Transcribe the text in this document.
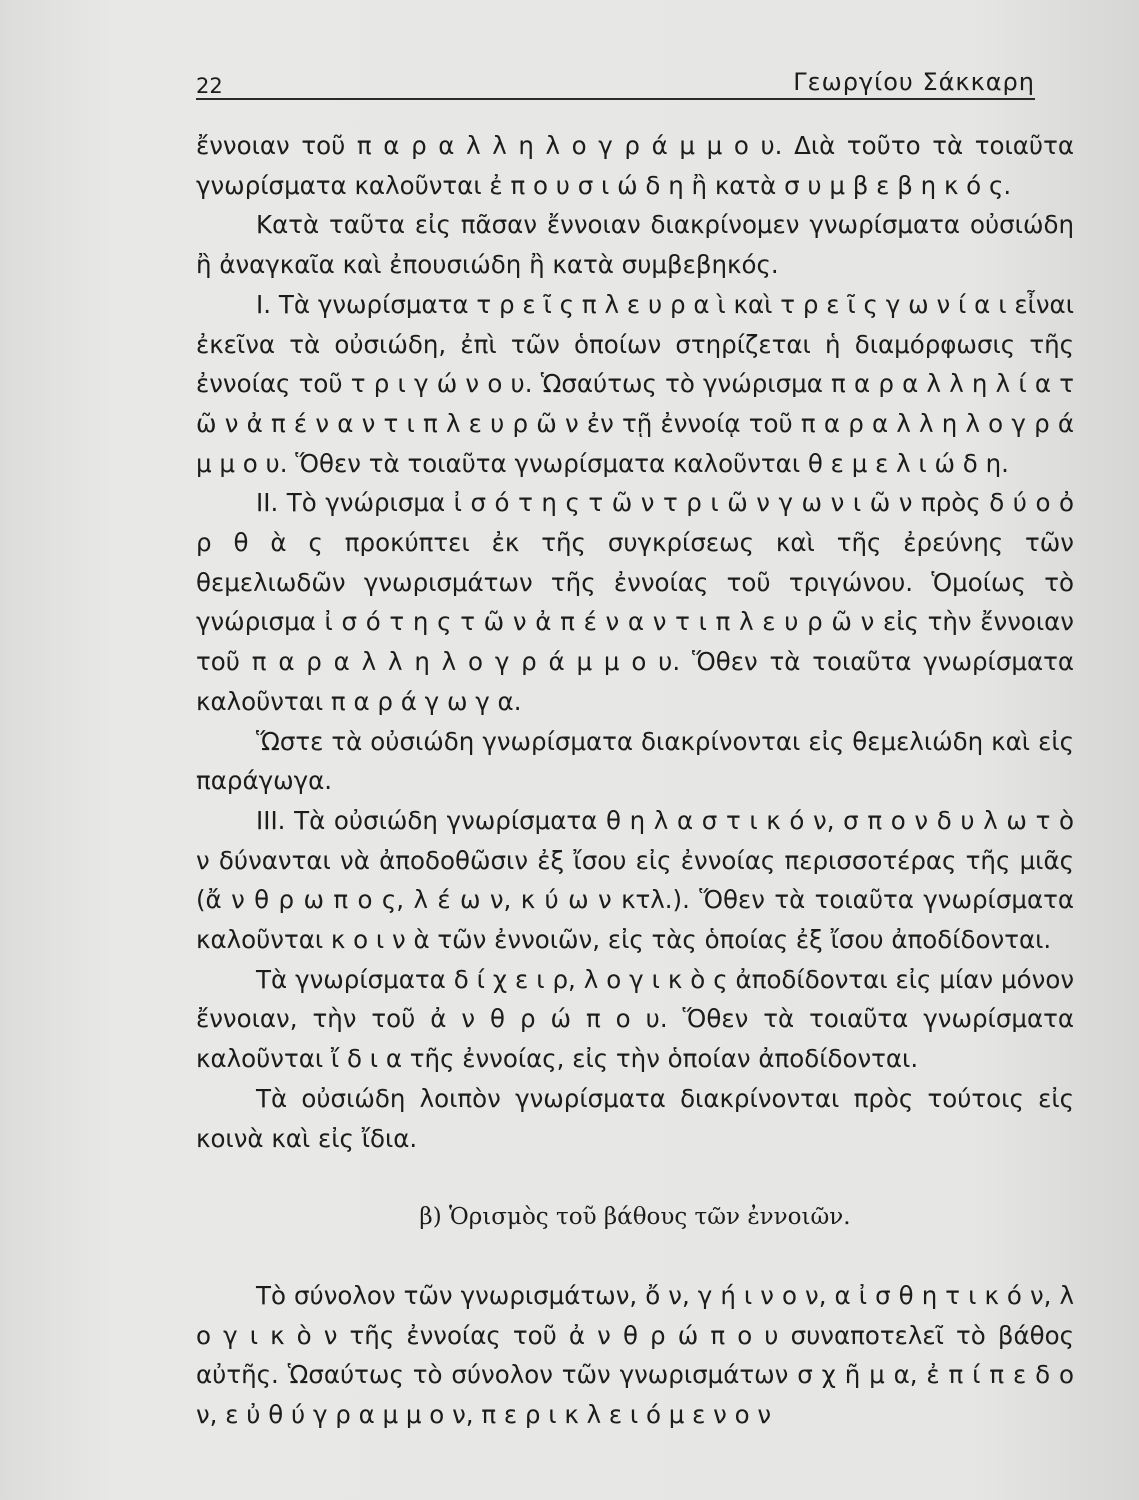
22	Γεωργίου Σάκκαρη

ἔννοιαν τοῦ π α ρ α λ λ η λ ο γ ρ ά μ μ ο υ. Διὰ τοῦτο τὰ τοιαῦτα γνωρίσματα καλοῦνται ἐ π ο υ σ ι ώ δ η ἢ κατὰ σ υ μ β ε β η κ ό ς.

Κατὰ ταῦτα εἰς πᾶσαν ἔννοιαν διακρίνομεν γνωρίσματα οὐσιώδη ἢ ἀναγκαῖα καὶ ἐπουσιώδη ἢ κατὰ συμβεβηκός.

Ι. Τὰ γνωρίσματα τ ρ ε ῖ ς π λ ε υ ρ α ὶ καὶ τ ρ ε ῖ ς γ ω ν ί α ι εἶναι ἐκεῖνα τὰ οὐσιώδη, ἐπὶ τῶν ὁποίων στηρίζεται ἡ διαμόρφωσις τῆς ἐννοίας τοῦ τ ρ ι γ ώ ν ο υ. Ὡσαύτως τὸ γνώρισμα π α ρ α λ λ η λ ί α τ ῶ ν ἀ π έ ν α ν τ ι π λ ε υ ρ ῶ ν ἐν τῇ ἐννοίᾳ τοῦ π α ρ α λ λ η λ ο γ ρ ά μ μ ο υ. Ὅθεν τὰ τοιαῦτα γνωρίσματα καλοῦνται θ ε μ ε λ ι ώ δ η.

ΙΙ. Τὸ γνώρισμα ἰ σ ό τ η ς τ ῶ ν τ ρ ι ῶ ν γ ω ν ι ῶ ν πρὸς δ ύ ο ὀ ρ θ ὰ ς προκύπτει ἐκ τῆς συγκρίσεως καὶ τῆς ἐρεύνης τῶν θεμελιωδῶν γνωρισμάτων τῆς ἐννοίας τοῦ τριγώνου. Ὁμοίως τὸ γνώρισμα ἰ σ ό τ η ς τ ῶ ν ἀ π έ ν α ν τ ι π λ ε υ ρ ῶ ν εἰς τὴν ἔννοιαν τοῦ π α ρ α λ λ η λ ο γ ρ ά μ μ ο υ. Ὅθεν τὰ τοιαῦτα γνωρίσματα καλοῦνται π α ρ ά γ ω γ α.

Ὥστε τὰ οὐσιώδη γνωρίσματα διακρίνονται εἰς θεμελιώδη καὶ εἰς παράγωγα.

ΙΙΙ. Τὰ οὐσιώδη γνωρίσματα θ η λ α σ τ ι κ ό ν, σ π ο ν δ υ λ ω τ ὸ ν δύνανται νὰ ἀποδοθῶσιν ἐξ ἴσου εἰς ἐννοίας περισσοτέρας τῆς μιᾶς (ἄ ν θ ρ ω π ο ς, λ έ ω ν, κ ύ ω ν κτλ.). Ὅθεν τὰ τοιαῦτα γνωρίσματα καλοῦνται κ ο ι ν ὰ τῶν ἐννοιῶν, εἰς τὰς ὁποίας ἐξ ἴσου ἀποδίδονται.

Τὰ γνωρίσματα δ ί χ ε ι ρ, λ ο γ ι κ ὸ ς ἀποδίδονται εἰς μίαν μόνον ἔννοιαν, τὴν τοῦ ἀ ν θ ρ ώ π ο υ. Ὅθεν τὰ τοιαῦτα γνωρίσματα καλοῦνται ἴ δ ι α τῆς ἐννοίας, εἰς τὴν ὁποίαν ἀποδίδονται.

Τὰ οὐσιώδη λοιπὸν γνωρίσματα διακρίνονται πρὸς τούτοις εἰς κοινὰ καὶ εἰς ἴδια.

β) Ὁρισμὸς τοῦ βάθους τῶν ἐννοιῶν.

Τὸ σύνολον τῶν γνωρισμάτων, ὄ ν, γ ή ι ν ο ν, α ἰ σ θ η τ ι κ ό ν, λ ο γ ι κ ὸ ν τῆς ἐννοίας τοῦ ἀ ν θ ρ ώ π ο υ συναποτελεῖ τὸ βάθος αὐτῆς. Ὡσαύτως τὸ σύνολον τῶν γνωρισμάτων σ χ ῆ μ α, ἐ π ί π ε δ ο ν, ε ὐ θ ύ γ ρ α μ μ ο ν, π ε ρ ι κ λ ε ι ό μ ε ν ο ν
